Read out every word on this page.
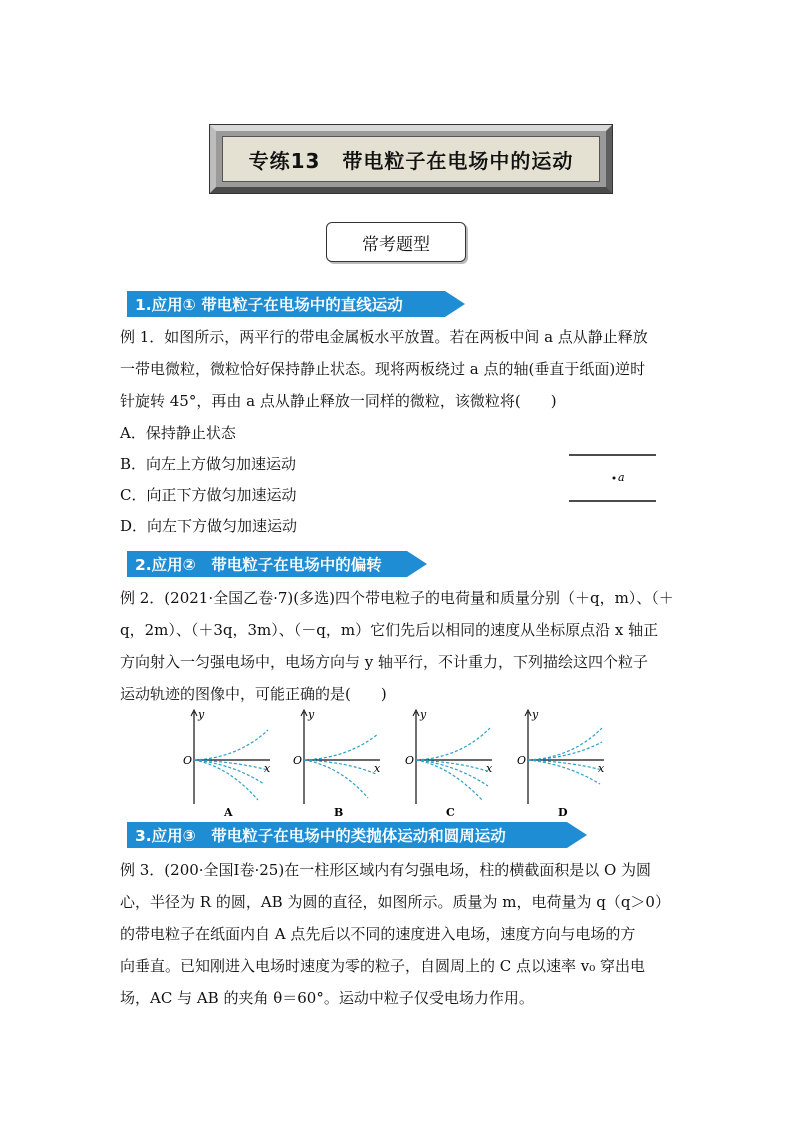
专练13 带电粒子在电场中的运动
常考题型
1.应用① 带电粒子在电场中的直线运动
例 1．如图所示，两平行的带电金属板水平放置。若在两板中间 a 点从静止释放
一带电微粒，微粒恰好保持静止状态。现将两板绕过 a 点的轴(垂直于纸面)逆时
针旋转 45°，再由 a 点从静止释放一同样的微粒，该微粒将(　　)
A．保持静止状态
B．向左上方做匀加速运动
C．向正下方做匀加速运动
D．向左下方做匀加速运动
a
2.应用②　带电粒子在电场中的偏转
例 2．(2021·全国乙卷·7)(多选)四个带电粒子的电荷量和质量分别（＋q，m）、（＋
q，2m）、（＋3q，3m）、（－q，m）它们先后以相同的速度从坐标原点沿 x 轴正
方向射入一匀强电场中，电场方向与 y 轴平行，不计重力，下列描绘这四个粒子
运动轨迹的图像中，可能正确的是(　　)
y
x
O
A
y
x
O
B
y
x
O
C
y
x
O
D
3.应用③　带电粒子在电场中的类抛体运动和圆周运动
例 3．(200·全国Ⅰ卷·25)在一柱形区域内有匀强电场，柱的横截面积是以 O 为圆
心，半径为 R 的圆，AB 为圆的直径，如图所示。质量为 m，电荷量为 q（q＞0）
的带电粒子在纸面内自 A 点先后以不同的速度进入电场，速度方向与电场的方
向垂直。已知刚进入电场时速度为零的粒子，自圆周上的 C 点以速率 v₀ 穿出电
场，AC 与 AB 的夹角 θ＝60°。运动中粒子仅受电场力作用。
